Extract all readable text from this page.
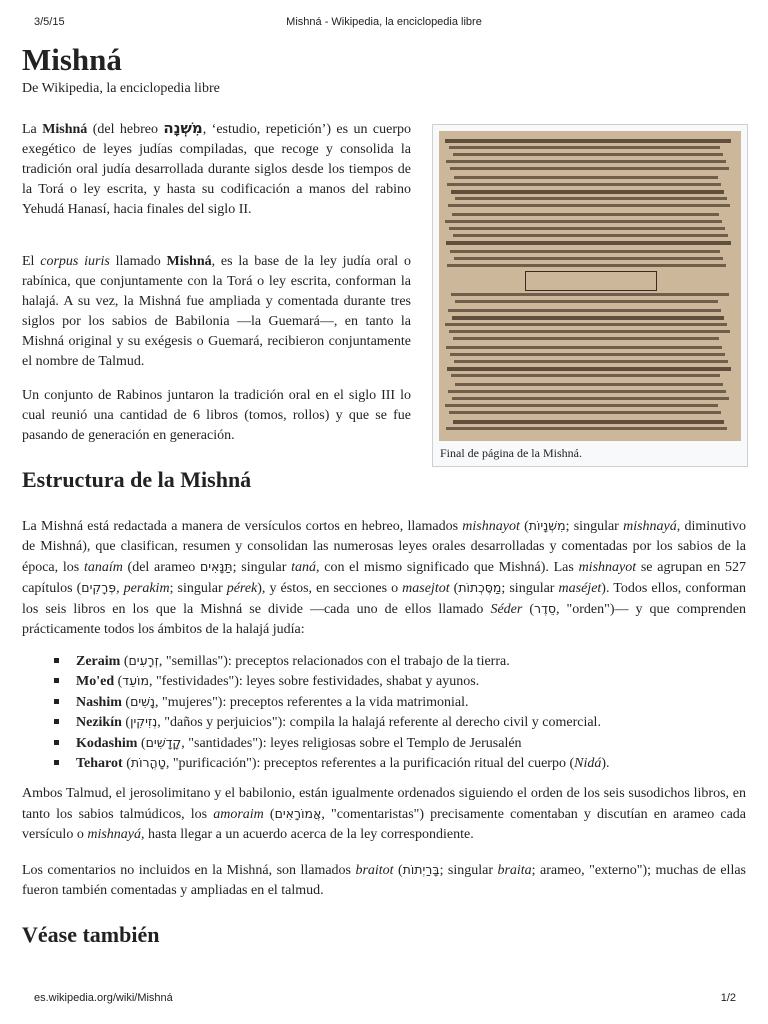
3/5/15	Mishná - Wikipedia, la enciclopedia libre
Mishná
De Wikipedia, la enciclopedia libre

La Mishná (del hebreo מִשְׁנָה, ‘estudio, repetición’) es un cuerpo exegético de leyes judías compiladas, que recoge y consolida la tradición oral judía desarrollada durante siglos desde los tiempos de la Torá o ley escrita, y hasta su codificación a manos del rabino Yehudá Hanasí, hacia finales del siglo II.

El corpus iuris llamado Mishná, es la base de la ley judía oral o rabínica, que conjuntamente con la Torá o ley escrita, conforman la halajá. A su vez, la Mishná fue ampliada y comentada durante tres siglos por los sabios de Babilonia —la Guemará—, en tanto la Mishná original y su exégesis o Guemará, recibieron conjuntamente el nombre de Talmud.

Un conjunto de Rabinos juntaron la tradición oral en el siglo III lo cual reunió una cantidad de 6 libros (tomos, rollos) y que se fue pasando de generación en generación.

Final de página de la Mishná.
Estructura de la Mishná

La Mishná está redactada a manera de versículos cortos en hebreo, llamados mishnayot (מִשְׁנָיוֹת; singular mishnayá, diminutivo de Mishná), que clasifican, resumen y consolidan las numerosas leyes orales desarrolladas y comentadas por los sabios de la época, los tanaím (del arameo תַּנָּאִים; singular taná, con el mismo significado que Mishná). Las mishnayot se agrupan en 527 capítulos (פְּרָקִים, perakim; singular pérek), y éstos, en secciones o masejtot (מַסֶּכְתוֹת; singular maséjet). Todos ellos, conforman los seis libros en los que la Mishná se divide —cada uno de ellos llamado Séder (סֵדֶר, "orden")— y que comprenden prácticamente todos los ámbitos de la halajá judía:

Zeraim (זְרָעִים, "semillas"): preceptos relacionados con el trabajo de la tierra.
Mo'ed (מוֹעֵד, "festividades"): leyes sobre festividades, shabat y ayunos.
Nashim (נָשִׁים, "mujeres"): preceptos referentes a la vida matrimonial.
Nezikín (נְזִיקִין, "daños y perjuicios"): compila la halajá referente al derecho civil y comercial.
Kodashim (קָדָשִׁים, "santidades"): leyes religiosas sobre el Templo de Jerusalén
Teharot (טָהֳרוֹת, "purificación"): preceptos referentes a la purificación ritual del cuerpo (Nidá).

Ambos Talmud, el jerosolimitano y el babilonio, están igualmente ordenados siguiendo el orden de los seis susodichos libros, en tanto los sabios talmúdicos, los amoraim (אֲמוֹרָאִים, "comentaristas") precisamente comentaban y discutían en arameo cada versículo o mishnayá, hasta llegar a un acuerdo acerca de la ley correspondiente.

Los comentarios no incluidos en la Mishná, son llamados braitot (בָּרַיְתוֹת; singular braita; arameo, "externo"); muchas de ellas fueron también comentadas y ampliadas en el talmud.

Véase también
es.wikipedia.org/wiki/Mishná	1/2
